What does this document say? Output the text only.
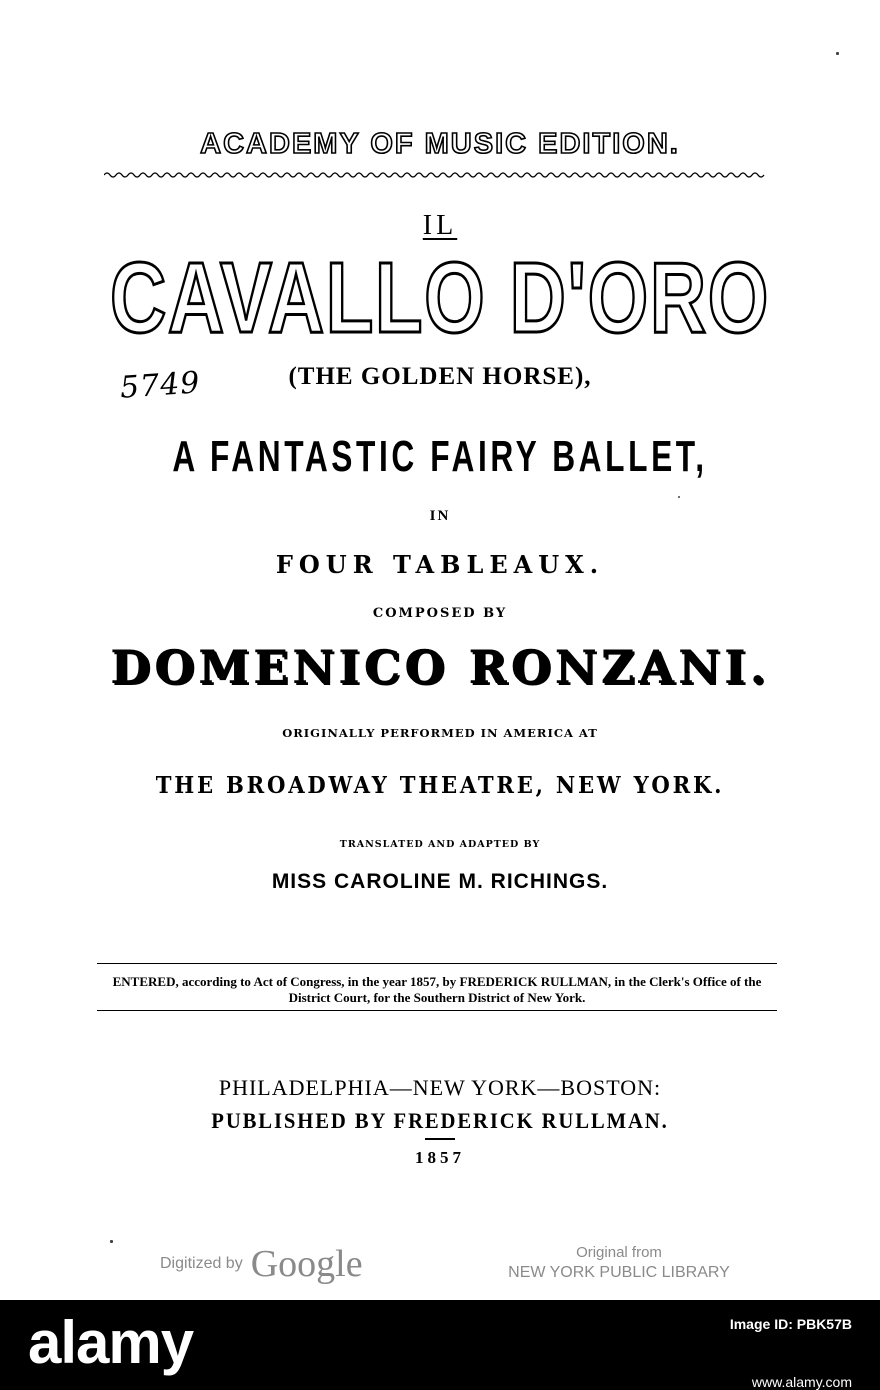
ACADEMY OF MUSIC EDITION.
IL
CAVALLO D'ORO
5749	(THE GOLDEN HORSE),
A FANTASTIC FAIRY BALLET,
IN
FOUR TABLEAUX.
COMPOSED BY
DOMENICO RONZANI.
ORIGINALLY PERFORMED IN AMERICA AT
THE BROADWAY THEATRE, NEW YORK.
TRANSLATED AND ADAPTED BY
MISS CAROLINE M. RICHINGS.
ENTERED, according to Act of Congress, in the year 1857, by FREDERICK RULLMAN, in the Clerk's Office of the District Court, for the Southern District of New York.
PHILADELPHIA—NEW YORK—BOSTON:
PUBLISHED BY FREDERICK RULLMAN.
1857
Digitized by Google	Original from
NEW YORK PUBLIC LIBRARY
alamy	Image ID: PBK57B
www.alamy.com
